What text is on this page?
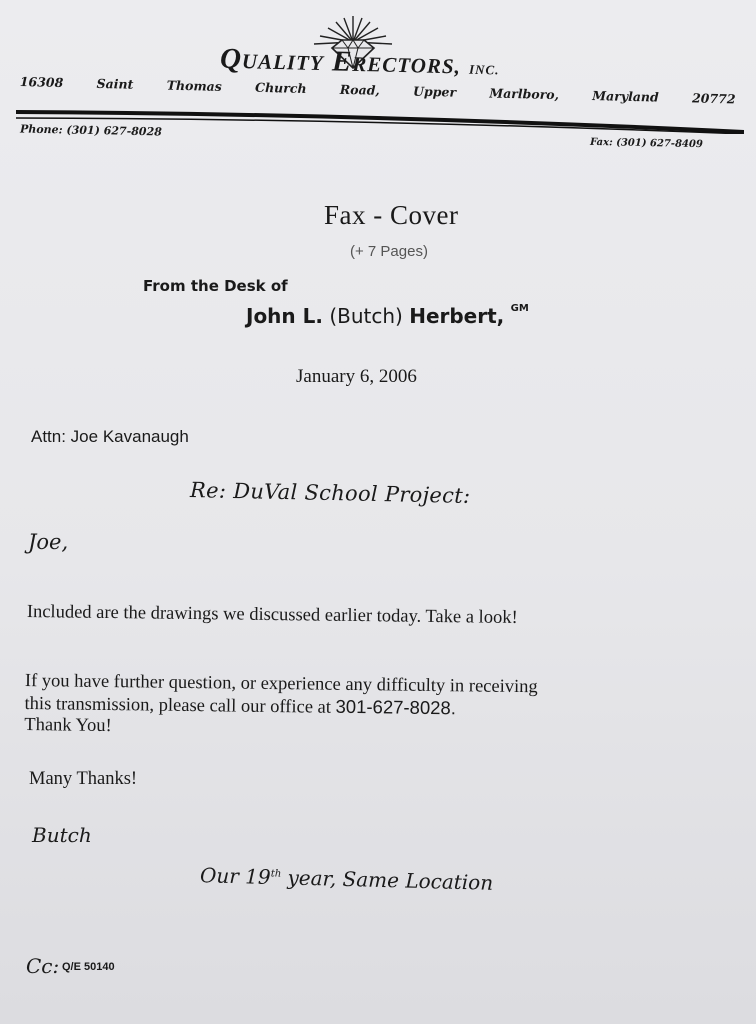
QUALITY ERECTORS, INC.
16308	Saint	Thomas	Church	Road,	Upper	Marlboro,	Maryland	20772
Phone: (301) 627-8028
Fax: (301) 627-8409
Fax - Cover
(+ 7 Pages)
From the Desk of
John L. (Butch) Herbert, $^{GM}$
January 6, 2006
Attn: Joe Kavanaugh
Re: DuVal School Project:
Joe,
Included are the drawings we discussed earlier today. Take a look!
If you have further question, or experience any difficulty in receiving
this transmission, please call our office at 301-627-8028.
Thank You!
Many Thanks!
Butch
Our 19th year, Same Location
Cc: Q/E 50140
